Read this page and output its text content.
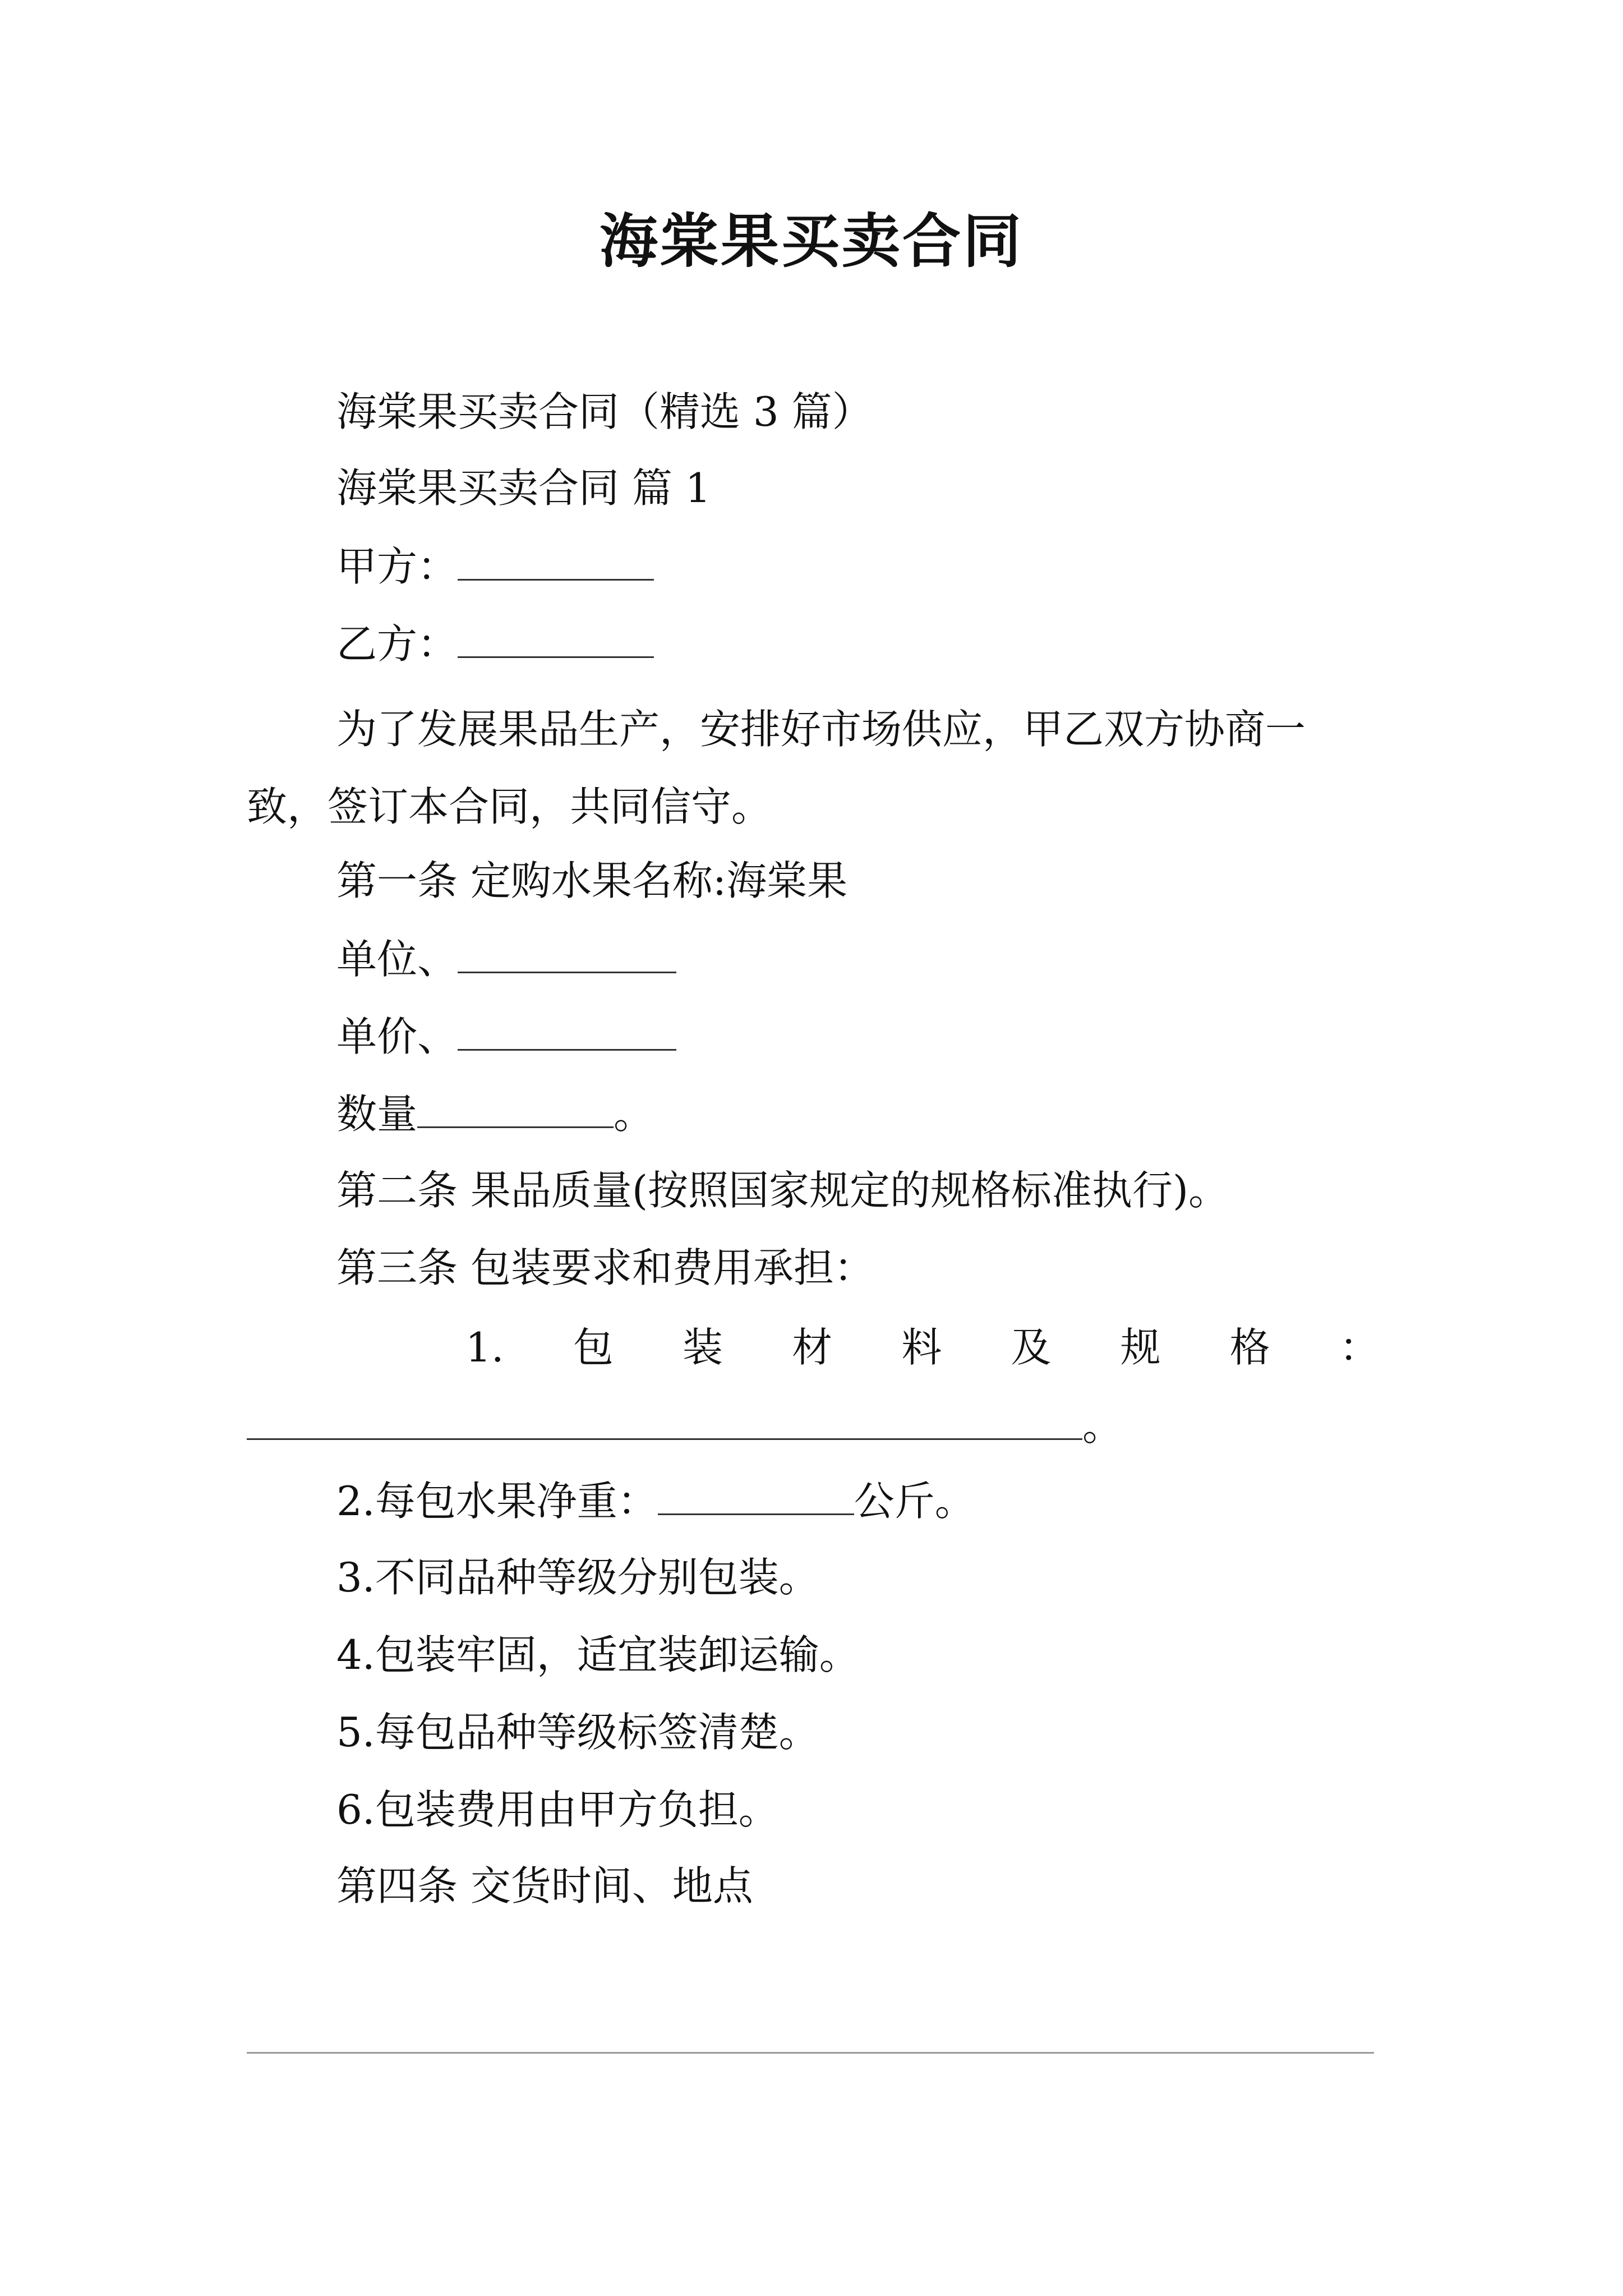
海棠果买卖合同
海棠果买卖合同（精选 3 篇）
海棠果买卖合同 篇 1
甲方：
乙方：
为了发展果品生产，安排好市场供应，甲乙双方协商一
致，签订本合同，共同信守。
第一条 定购水果名称:海棠果
单位、
单价、
数量	。
第二条 果品质量(按照国家规定的规格标准执行)。
第三条 包装要求和费用承担：
1. 包 装 材 料 及 规 格 ：
。
2.每包水果净重：	公斤。
3.不同品种等级分别包装。
4.包装牢固，适宜装卸运输。
5.每包品种等级标签清楚。
6.包装费用由甲方负担。
第四条 交货时间、地点
